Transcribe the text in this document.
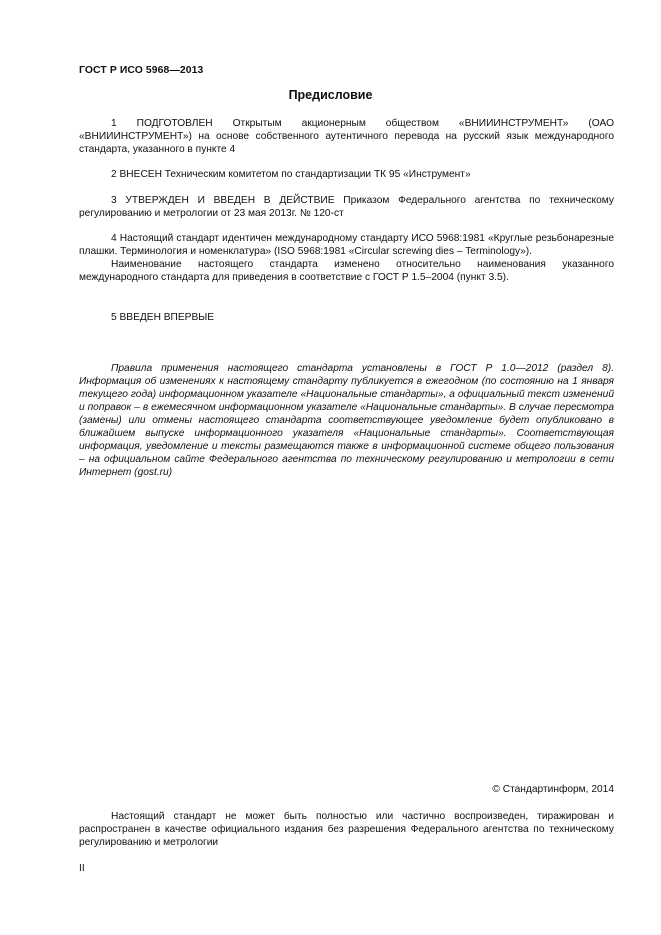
ГОСТ Р ИСО 5968—2013
Предисловие

1 ПОДГОТОВЛЕН Открытым акционерным обществом «ВНИИИНСТРУМЕНТ» (ОАО «ВНИИИНСТРУМЕНТ») на основе собственного аутентичного перевода на русский язык международного стандарта, указанного в пункте 4

2 ВНЕСЕН Техническим комитетом по стандартизации ТК 95 «Инструмент»

3 УТВЕРЖДЕН И ВВЕДЕН В ДЕЙСТВИЕ Приказом Федерального агентства по техническому регулированию и метрологии от 23 мая 2013г. № 120-ст

4 Настоящий стандарт идентичен международному стандарту ИСО 5968:1981 «Круглые резьбонарезные плашки. Терминология и номенклатура» (ISO 5968:1981 «Circular screwing dies – Terminology»).

Наименование настоящего стандарта изменено относительно наименования указанного международного стандарта для приведения в соответствие с ГОСТ Р 1.5–2004 (пункт 3.5).

5 ВВЕДЕН ВПЕРВЫЕ

Правила применения настоящего стандарта установлены в ГОСТ Р 1.0—2012 (раздел 8). Информация об изменениях к настоящему стандарту публикуется в ежегодном (по состоянию на 1 января текущего года) информационном указателе «Национальные стандарты», а официальный текст изменений и поправок – в ежемесячном информационном указателе «Национальные стандарты». В случае пересмотра (замены) или отмены настоящего стандарта соответствующее уведомление будет опубликовано в ближайшем выпуске информационного указателя «Национальные стандарты». Соответствующая информация, уведомление и тексты размещаются также в информационной системе общего пользования – на официальном сайте Федерального агентства по техническому регулированию и метрологии в сети Интернет (gost.ru)

© Стандартинформ, 2014

Настоящий стандарт не может быть полностью или частично воспроизведен, тиражирован и распространен в качестве официального издания без разрешения Федерального агентства по техническому регулированию и метрологии

II
